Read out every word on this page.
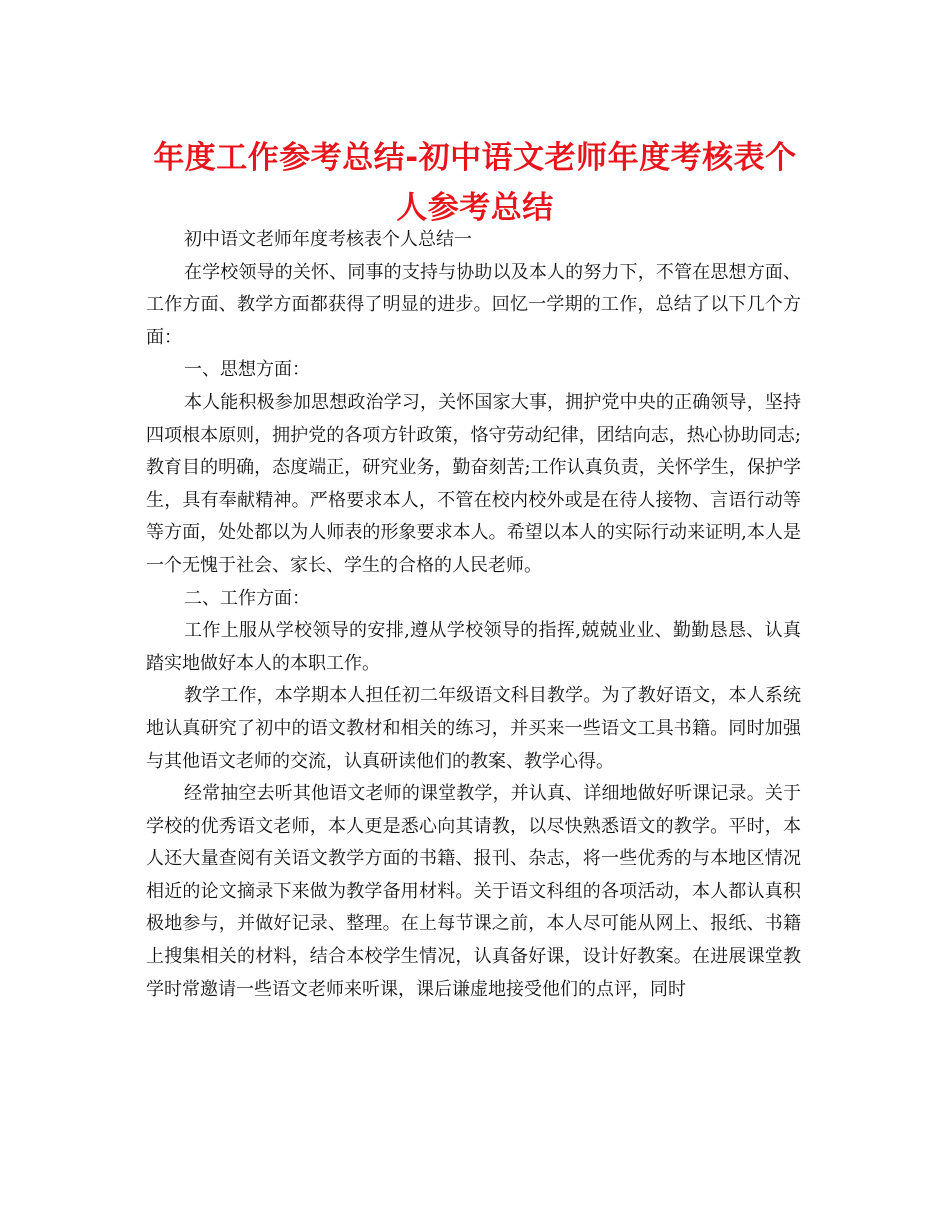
年度工作参考总结-初中语文老师年度考核表个
人参考总结

初中语文老师年度考核表个人总结一

在学校领导的关怀、同事的支持与协助以及本人的努力下，不管在思想方面、工作方面、教学方面都获得了明显的进步。回忆一学期的工作，总结了以下几个方面：

一、思想方面：

本人能积极参加思想政治学习，关怀国家大事，拥护党中央的正确领导，坚持四项根本原则，拥护党的各项方针政策，恪守劳动纪律，团结向志，热心协助同志;教育目的明确，态度端正，研究业务，勤奋刻苦;工作认真负责，关怀学生，保护学生，具有奉献精神。严格要求本人，不管在校内校外或是在待人接物、言语行动等等方面，处处都以为人师表的形象要求本人。希望以本人的实际行动来证明,本人是一个无愧于社会、家长、学生的合格的人民老师。

二、工作方面：

工作上服从学校领导的安排,遵从学校领导的指挥,兢兢业业、勤勤恳恳、认真踏实地做好本人的本职工作。

教学工作，本学期本人担任初二年级语文科目教学。为了教好语文，本人系统地认真研究了初中的语文教材和相关的练习，并买来一些语文工具书籍。同时加强与其他语文老师的交流，认真研读他们的教案、教学心得。

经常抽空去听其他语文老师的课堂教学，并认真、详细地做好听课记录。关于学校的优秀语文老师，本人更是悉心向其请教，以尽快熟悉语文的教学。平时，本人还大量查阅有关语文教学方面的书籍、报刊、杂志，将一些优秀的与本地区情况相近的论文摘录下来做为教学备用材料。关于语文科组的各项活动，本人都认真积极地参与，并做好记录、整理。在上每节课之前，本人尽可能从网上、报纸、书籍上搜集相关的材料，结合本校学生情况，认真备好课，设计好教案。在进展课堂教学时常邀请一些语文老师来听课，课后谦虚地接受他们的点评，同时
